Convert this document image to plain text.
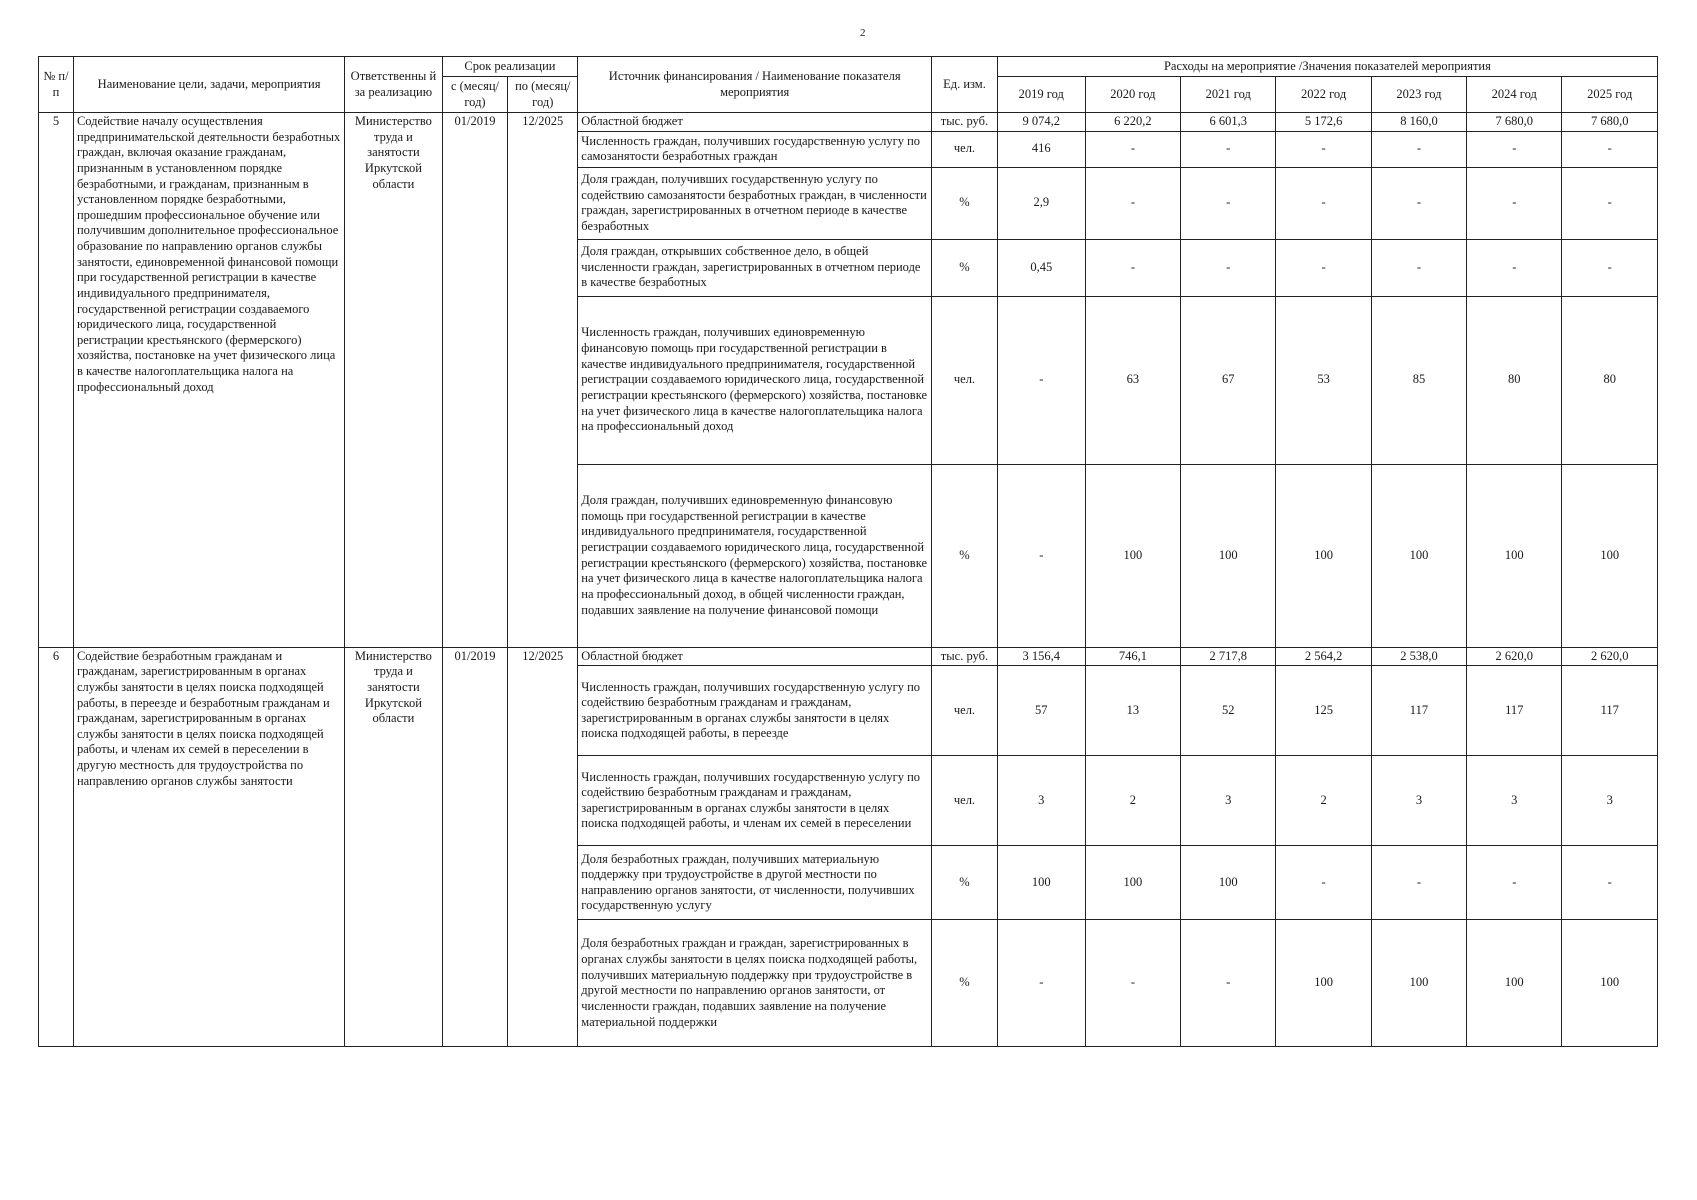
2
№ п/п	Наименование цели, задачи, мероприятия	Ответственны й за реализацию	Срок реализации		Источник финансирования / Наименование показателя мероприятия	Ед. изм.	Расходы на мероприятие /Значения показателей мероприятия						
			с (месяц/ год)	по (месяц/ год)			2019 год	2020 год	2021 год	2022 год	2023 год	2024 год	2025 год
5	Содействие началу осуществления предпринимательской деятельности безработных граждан, включая оказание гражданам, признанным в установленном порядке безработными, и гражданам, признанным в установленном порядке безработными, прошедшим профессиональное обучение или получившим дополнительное профессиональное образование по направлению органов службы занятости, единовременной финансовой помощи при государственной регистрации в качестве индивидуального предпринимателя, государственной регистрации создаваемого юридического лица, государственной регистрации крестьянского (фермерского) хозяйства, постановке на учет физического лица в качестве налогоплательщика налога на профессиональный доход	Министерство труда и занятости Иркутской области	01/2019	12/2025	Областной бюджет	тыс. руб.	9 074,2	6 220,2	6 601,3	5 172,6	8 160,0	7 680,0	7 680,0
					Численность граждан, получивших государственную услугу по самозанятости безработных граждан	чел.	416	-	-	-	-	-	-
					Доля граждан, получивших государственную услугу по содействию самозанятости безработных граждан, в численности граждан, зарегистрированных в отчетном периоде в качестве безработных	%	2,9	-	-	-	-	-	-
					Доля граждан, открывших собственное дело, в общей численности граждан, зарегистрированных в отчетном периоде в качестве безработных	%	0,45	-	-	-	-	-	-
					Численность граждан, получивших единовременную финансовую помощь при государственной регистрации в качестве индивидуального предпринимателя, государственной регистрации создаваемого юридического лица, государственной регистрации крестьянского (фермерского) хозяйства, постановке на учет физического лица в качестве налогоплательщика налога на профессиональный доход	чел.	-	63	67	53	85	80	80
					Доля граждан, получивших единовременную финансовую помощь при государственной регистрации в качестве индивидуального предпринимателя, государственной регистрации создаваемого юридического лица, государственной регистрации крестьянского (фермерского) хозяйства, постановке на учет физического лица в качестве налогоплательщика налога на профессиональный доход, в общей численности граждан, подавших заявление на получение финансовой помощи	%	-	100	100	100	100	100	100
6	Содействие безработным гражданам и гражданам, зарегистрированным в органах службы занятости в целях поиска подходящей работы, в переезде и безработным гражданам и гражданам, зарегистрированным в органах службы занятости в целях поиска подходящей работы, и членам их семей в переселении в другую местность для трудоустройства по направлению органов службы занятости	Министерство труда и занятости Иркутской области	01/2019	12/2025	Областной бюджет	тыс. руб.	3 156,4	746,1	2 717,8	2 564,2	2 538,0	2 620,0	2 620,0
					Численность граждан, получивших государственную услугу по содействию безработным гражданам и гражданам, зарегистрированным в органах службы занятости в целях поиска подходящей работы, в переезде	чел.	57	13	52	125	117	117	117
					Численность граждан, получивших государственную услугу по содействию безработным гражданам и гражданам, зарегистрированным в органах службы занятости в целях поиска подходящей работы, и членам их семей в переселении	чел.	3	2	3	2	3	3	3
					Доля безработных граждан, получивших материальную поддержку при трудоустройстве в другой местности по направлению органов занятости, от численности, получивших государственную услугу	%	100	100	100	-	-	-	-
					Доля безработных граждан и граждан, зарегистрированных в органах службы занятости в целях поиска подходящей работы, получивших материальную поддержку при трудоустройстве в другой местности по направлению органов занятости, от численности граждан, подавших заявление на получение материальной поддержки	%	-	-	-	100	100	100	100
